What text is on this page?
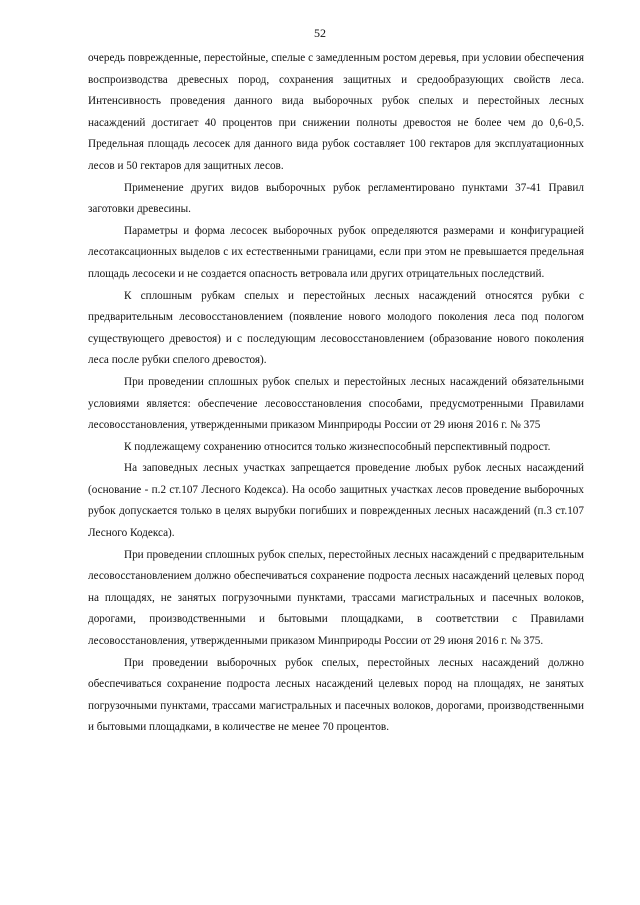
52

очередь поврежденные, перестойные, спелые с замедленным ростом деревья, при условии обеспечения воспроизводства древесных пород, сохранения защитных и средообразующих свойств леса. Интенсивность проведения данного вида выборочных рубок спелых и перестойных лесных насаждений достигает 40 процентов при снижении полноты древостоя не более чем до 0,6-0,5. Предельная площадь лесосек для данного вида рубок составляет 100 гектаров для эксплуатационных лесов и 50 гектаров для защитных лесов.

Применение других видов выборочных рубок регламентировано пунктами 37-41 Правил заготовки древесины.

Параметры и форма лесосек выборочных рубок определяются размерами и конфигурацией лесотаксационных выделов с их естественными границами, если при этом не превышается предельная площадь лесосеки и не создается опасность ветровала или других отрицательных последствий.

К сплошным рубкам спелых и перестойных лесных насаждений относятся рубки с предварительным лесовосстановлением (появление нового молодого поколения леса под пологом существующего древостоя) и с последующим лесовосстановлением (образование нового поколения леса после рубки спелого древостоя).

При проведении сплошных рубок спелых и перестойных лесных насаждений обязательными условиями является: обеспечение лесовосстановления способами, предусмотренными Правилами лесовосстановления, утвержденными приказом Минприроды России от 29 июня 2016 г. № 375

К подлежащему сохранению относится только жизнеспособный перспективный подрост.

На заповедных лесных участках запрещается проведение любых рубок лесных насаждений (основание - п.2 ст.107 Лесного Кодекса). На особо защитных участках лесов проведение выборочных рубок допускается только в целях вырубки погибших и поврежденных лесных насаждений (п.3 ст.107 Лесного Кодекса).

При проведении сплошных рубок спелых, перестойных лесных насаждений с предварительным лесовосстановлением должно обеспечиваться сохранение подроста лесных насаждений целевых пород на площадях, не занятых погрузочными пунктами, трассами магистральных и пасечных волоков, дорогами, производственными и бытовыми площадками, в соответствии с Правилами лесовосстановления, утвержденными приказом Минприроды России от 29 июня 2016 г. № 375.

При проведении выборочных рубок спелых, перестойных лесных насаждений должно обеспечиваться сохранение подроста лесных насаждений целевых пород на площадях, не занятых погрузочными пунктами, трассами магистральных и пасечных волоков, дорогами, производственными и бытовыми площадками, в количестве не менее 70 процентов.
